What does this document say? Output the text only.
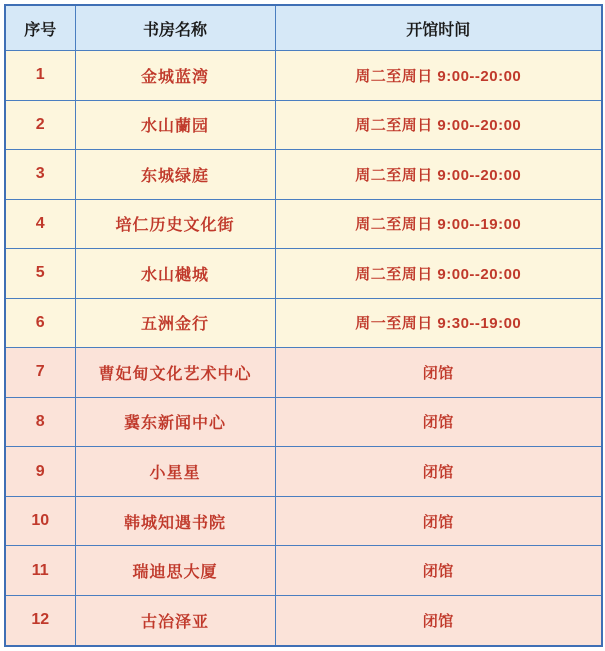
序号	书房名称	开馆时间
1	金城蓝湾	周二至周日 9:00--20:00
2	水山蘭园	周二至周日 9:00--20:00
3	东城绿庭	周二至周日 9:00--20:00
4	培仁历史文化街	周二至周日 9:00--19:00
5	水山樾城	周二至周日 9:00--20:00
6	五洲金行	周一至周日 9:30--19:00
7	曹妃甸文化艺术中心	闭馆
8	冀东新闻中心	闭馆
9	小星星	闭馆
10	韩城知遇书院	闭馆
11	瑞迪思大厦	闭馆
12	古冶泽亚	闭馆
